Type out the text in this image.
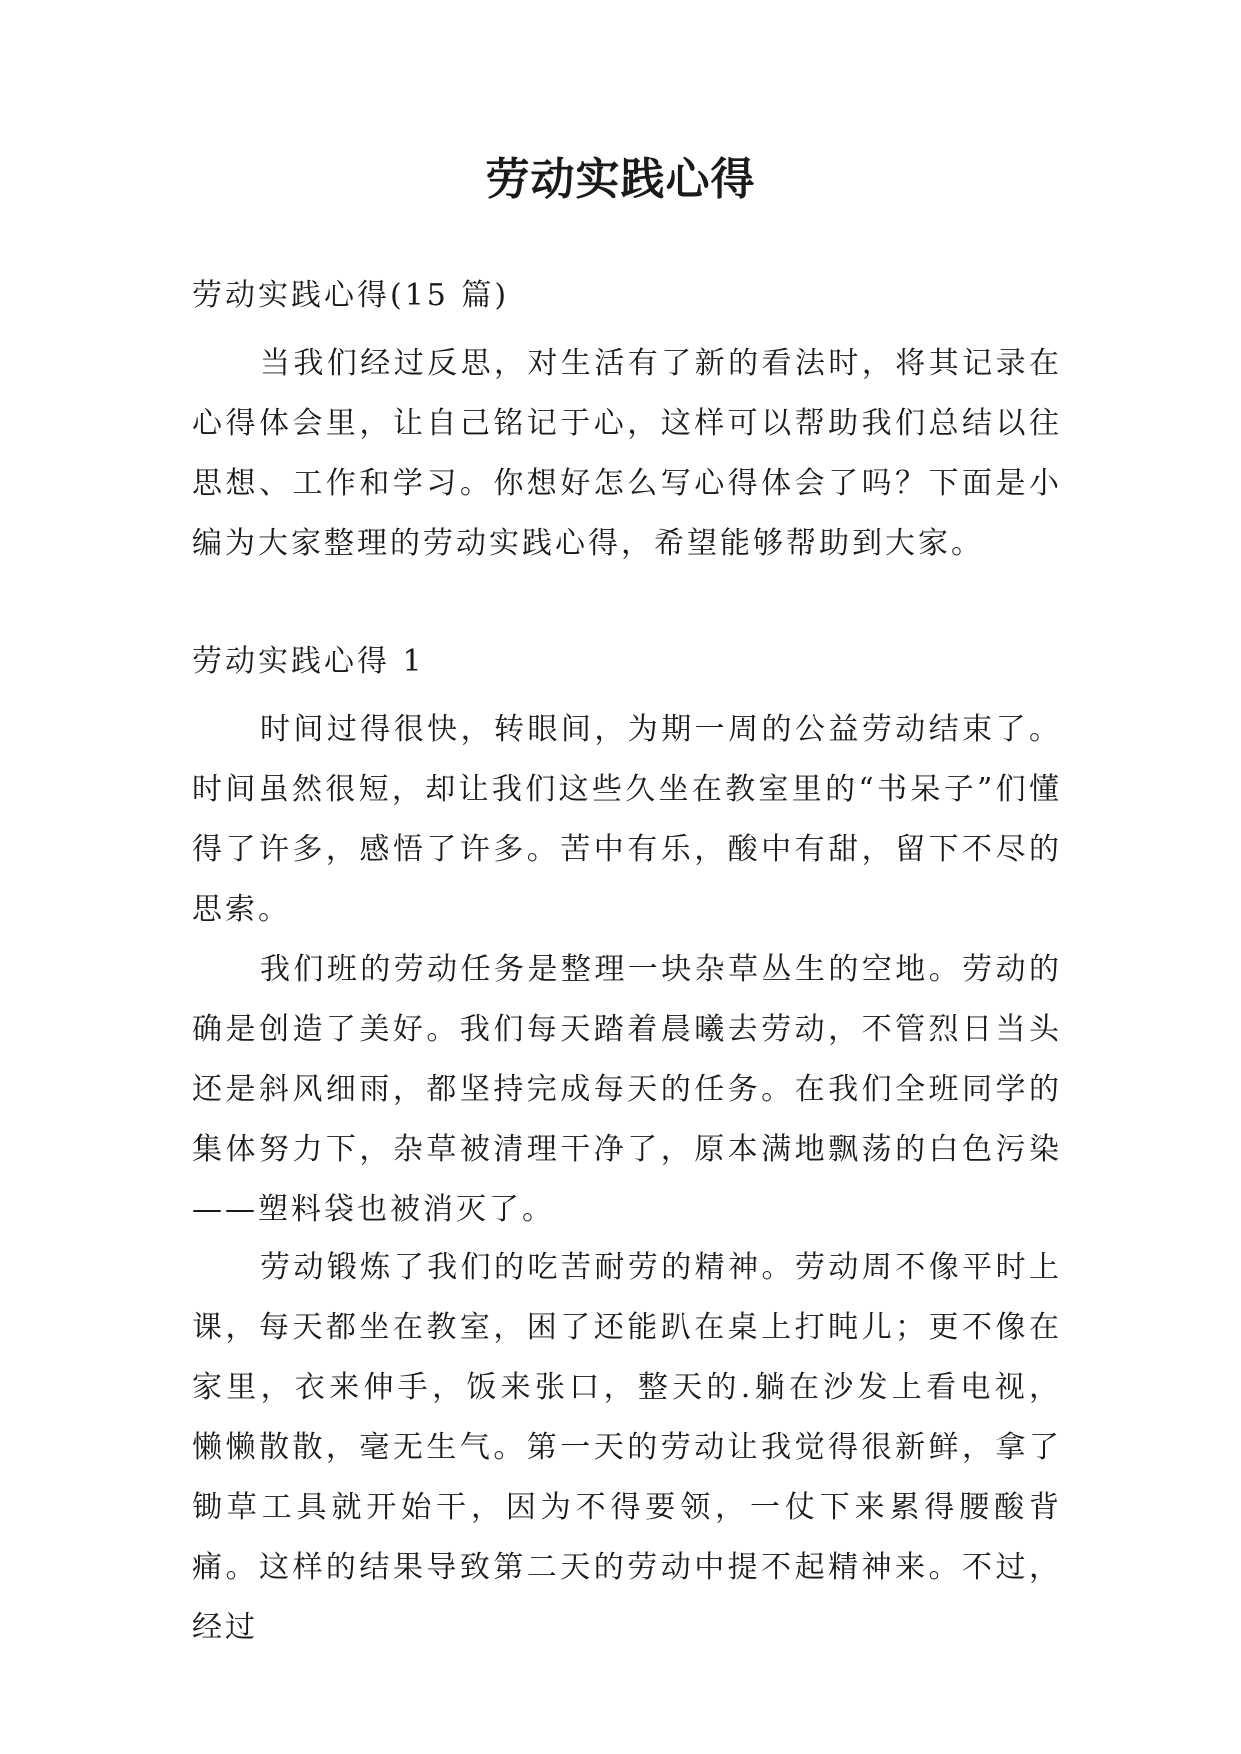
劳动实践心得

劳动实践心得(15 篇)

当我们经过反思，对生活有了新的看法时，将其记录在心得体会里，让自己铭记于心，这样可以帮助我们总结以往思想、工作和学习。你想好怎么写心得体会了吗？下面是小编为大家整理的劳动实践心得，希望能够帮助到大家。

劳动实践心得 1

时间过得很快，转眼间，为期一周的公益劳动结束了。时间虽然很短，却让我们这些久坐在教室里的“书呆子”们懂得了许多，感悟了许多。苦中有乐，酸中有甜，留下不尽的思索。

我们班的劳动任务是整理一块杂草丛生的空地。劳动的确是创造了美好。我们每天踏着晨曦去劳动，不管烈日当头还是斜风细雨，都坚持完成每天的任务。在我们全班同学的集体努力下，杂草被清理干净了，原本满地飘荡的白色污染——塑料袋也被消灭了。

劳动锻炼了我们的吃苦耐劳的精神。劳动周不像平时上课，每天都坐在教室，困了还能趴在桌上打盹儿；更不像在家里，衣来伸手，饭来张口，整天的.躺在沙发上看电视，懒懒散散，毫无生气。第一天的劳动让我觉得很新鲜，拿了锄草工具就开始干，因为不得要领，一仗下来累得腰酸背痛。这样的结果导致第二天的劳动中提不起精神来。不过，经过
